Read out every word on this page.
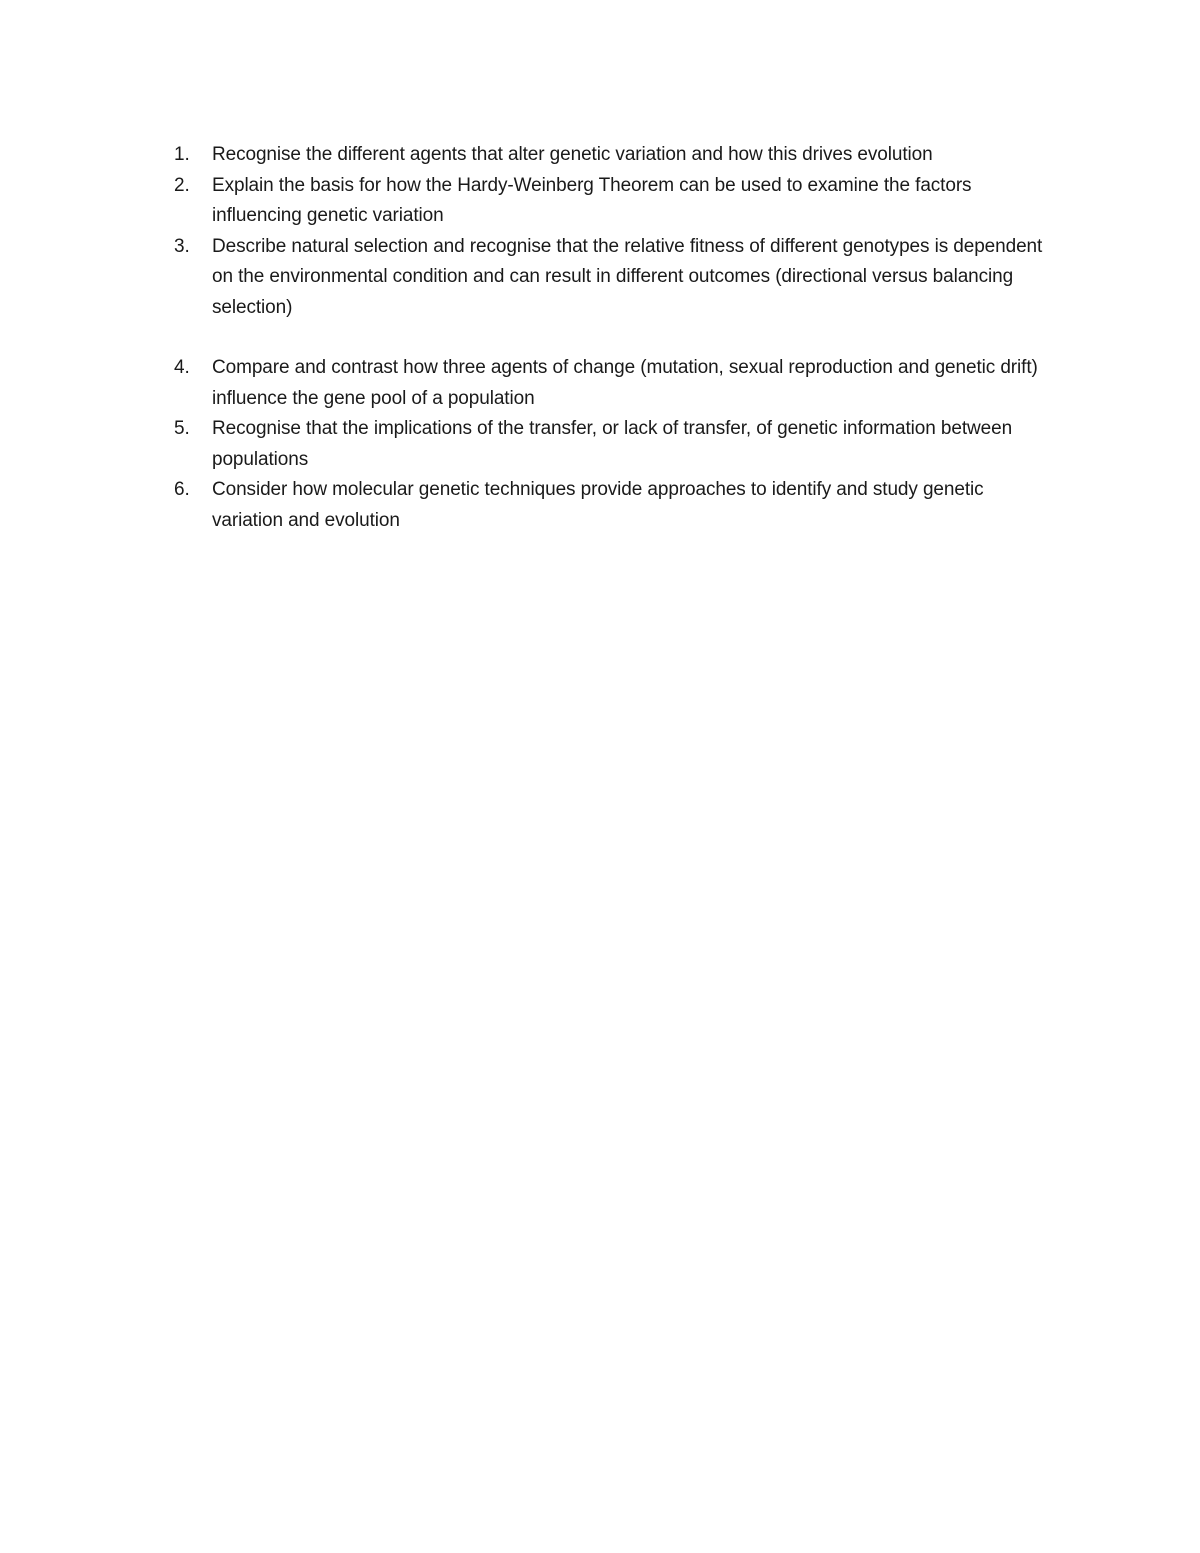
1. Recognise the different agents that alter genetic variation and how this drives evolution
2. Explain the basis for how the Hardy-Weinberg Theorem can be used to examine the factors influencing genetic variation
3. Describe natural selection and recognise that the relative fitness of different genotypes is dependent on the environmental condition and can result in different outcomes (directional versus balancing selection)
4. Compare and contrast how three agents of change (mutation, sexual reproduction and genetic drift) influence the gene pool of a population
5. Recognise that the implications of the transfer, or lack of transfer, of genetic information between populations
6. Consider how molecular genetic techniques provide approaches to identify and study genetic variation and evolution
